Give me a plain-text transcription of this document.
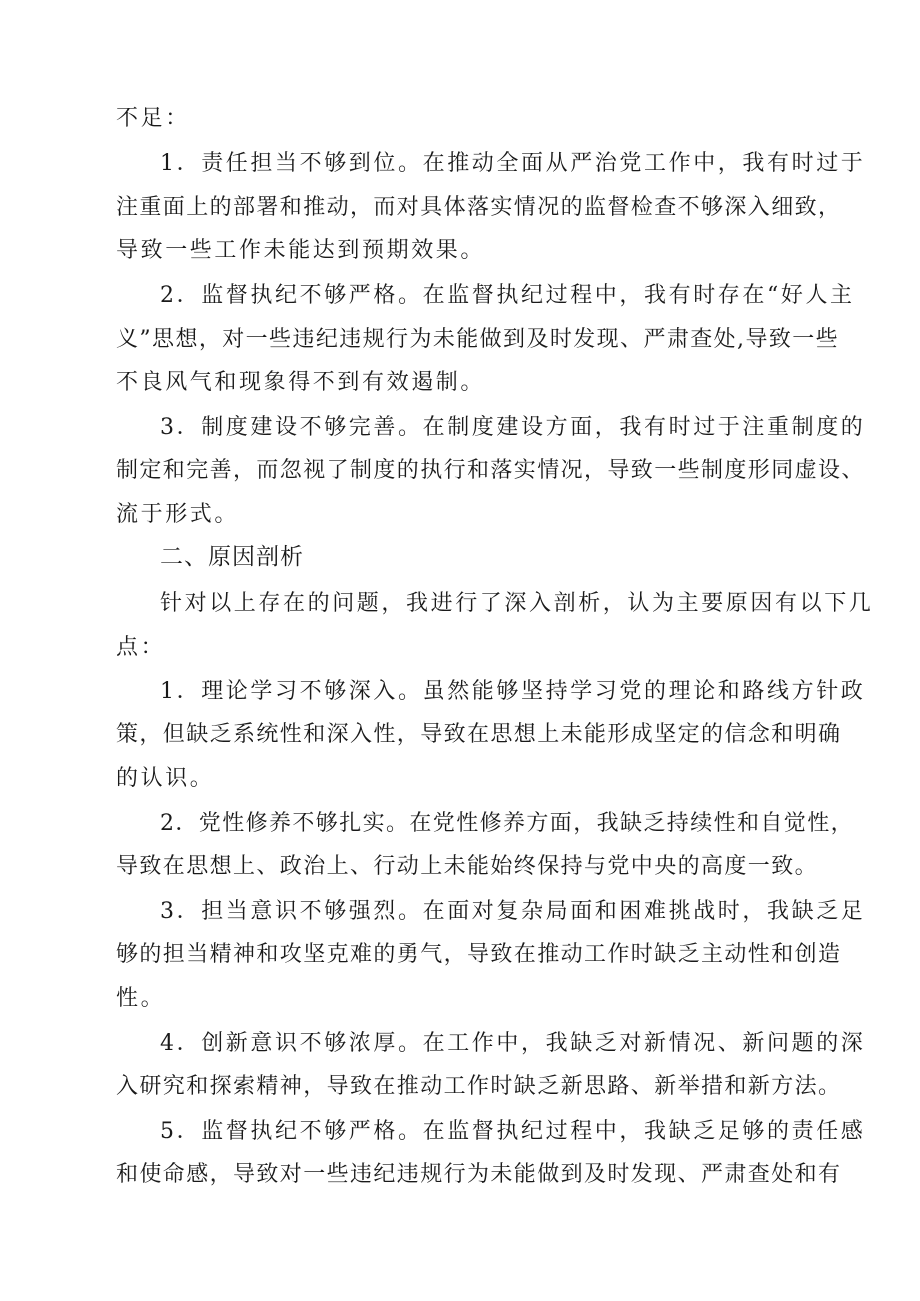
不足：
1．责任担当不够到位。在推动全面从严治党工作中，我有时过于
注重面上的部署和推动，而对具体落实情况的监督检查不够深入细致，
导致一些工作未能达到预期效果。
2．监督执纪不够严格。在监督执纪过程中，我有时存在“好人主
义”思想，对一些违纪违规行为未能做到及时发现、严肃查处,导致一些
不良风气和现象得不到有效遏制。
3．制度建设不够完善。在制度建设方面，我有时过于注重制度的
制定和完善，而忽视了制度的执行和落实情况，导致一些制度形同虚设、
流于形式。
二、原因剖析
针对以上存在的问题，我进行了深入剖析，认为主要原因有以下几
点：
1．理论学习不够深入。虽然能够坚持学习党的理论和路线方针政
策，但缺乏系统性和深入性，导致在思想上未能形成坚定的信念和明确
的认识。
2．党性修养不够扎实。在党性修养方面，我缺乏持续性和自觉性，
导致在思想上、政治上、行动上未能始终保持与党中央的高度一致。
3．担当意识不够强烈。在面对复杂局面和困难挑战时，我缺乏足
够的担当精神和攻坚克难的勇气，导致在推动工作时缺乏主动性和创造
性。
4．创新意识不够浓厚。在工作中，我缺乏对新情况、新问题的深
入研究和探索精神，导致在推动工作时缺乏新思路、新举措和新方法。
5．监督执纪不够严格。在监督执纪过程中，我缺乏足够的责任感
和使命感，导致对一些违纪违规行为未能做到及时发现、严肃查处和有
